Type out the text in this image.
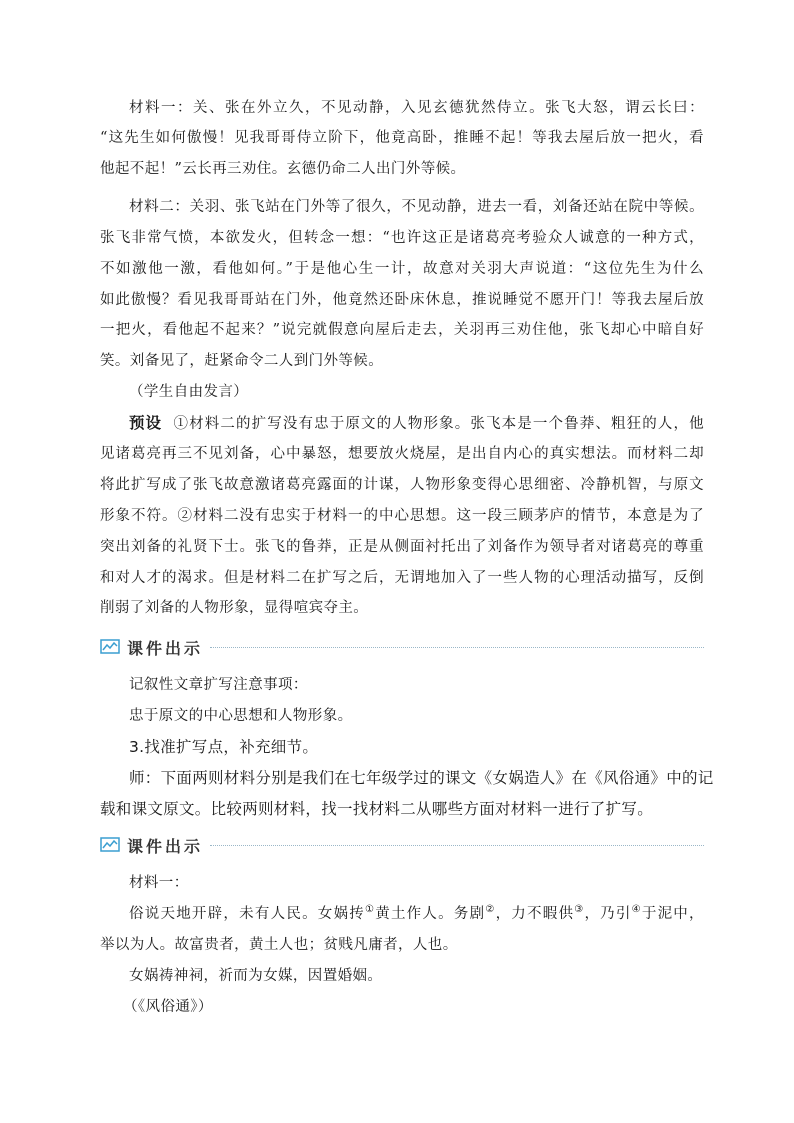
材料一：关、张在外立久，不见动静，入见玄德犹然侍立。张飞大怒，谓云长曰：
“这先生如何傲慢！见我哥哥侍立阶下，他竟高卧，推睡不起！等我去屋后放一把火，看
他起不起！”云长再三劝住。玄德仍命二人出门外等候。
材料二：关羽、张飞站在门外等了很久，不见动静，进去一看，刘备还站在院中等候。
张飞非常气愤，本欲发火，但转念一想：“也许这正是诸葛亮考验众人诚意的一种方式，
不如激他一激，看他如何。”于是他心生一计，故意对关羽大声说道：“这位先生为什么
如此傲慢？看见我哥哥站在门外，他竟然还卧床休息，推说睡觉不愿开门！等我去屋后放
一把火，看他起不起来？”说完就假意向屋后走去，关羽再三劝住他，张飞却心中暗自好
笑。刘备见了，赶紧命令二人到门外等候。
（学生自由发言）
预设 ①材料二的扩写没有忠于原文的人物形象。张飞本是一个鲁莽、粗狂的人，他
见诸葛亮再三不见刘备，心中暴怒，想要放火烧屋，是出自内心的真实想法。而材料二却
将此扩写成了张飞故意激诸葛亮露面的计谋，人物形象变得心思细密、冷静机智，与原文
形象不符。②材料二没有忠实于材料一的中心思想。这一段三顾茅庐的情节，本意是为了
突出刘备的礼贤下士。张飞的鲁莽，正是从侧面衬托出了刘备作为领导者对诸葛亮的尊重
和对人才的渴求。但是材料二在扩写之后，无谓地加入了一些人物的心理活动描写，反倒
削弱了刘备的人物形象，显得喧宾夺主。
课件出示
记叙性文章扩写注意事项：
忠于原文的中心思想和人物形象。
3.找准扩写点，补充细节。
师：下面两则材料分别是我们在七年级学过的课文《女娲造人》在《风俗通》中的记
载和课文原文。比较两则材料，找一找材料二从哪些方面对材料一进行了扩写。
课件出示
材料一：
俗说天地开辟，未有人民。女娲抟①黄土作人。务剧②，力不暇供③，乃引④于泥中，
举以为人。故富贵者，黄土人也；贫贱凡庸者，人也。
女娲祷神祠，祈而为女媒，因置婚姻。
（《风俗通》）
